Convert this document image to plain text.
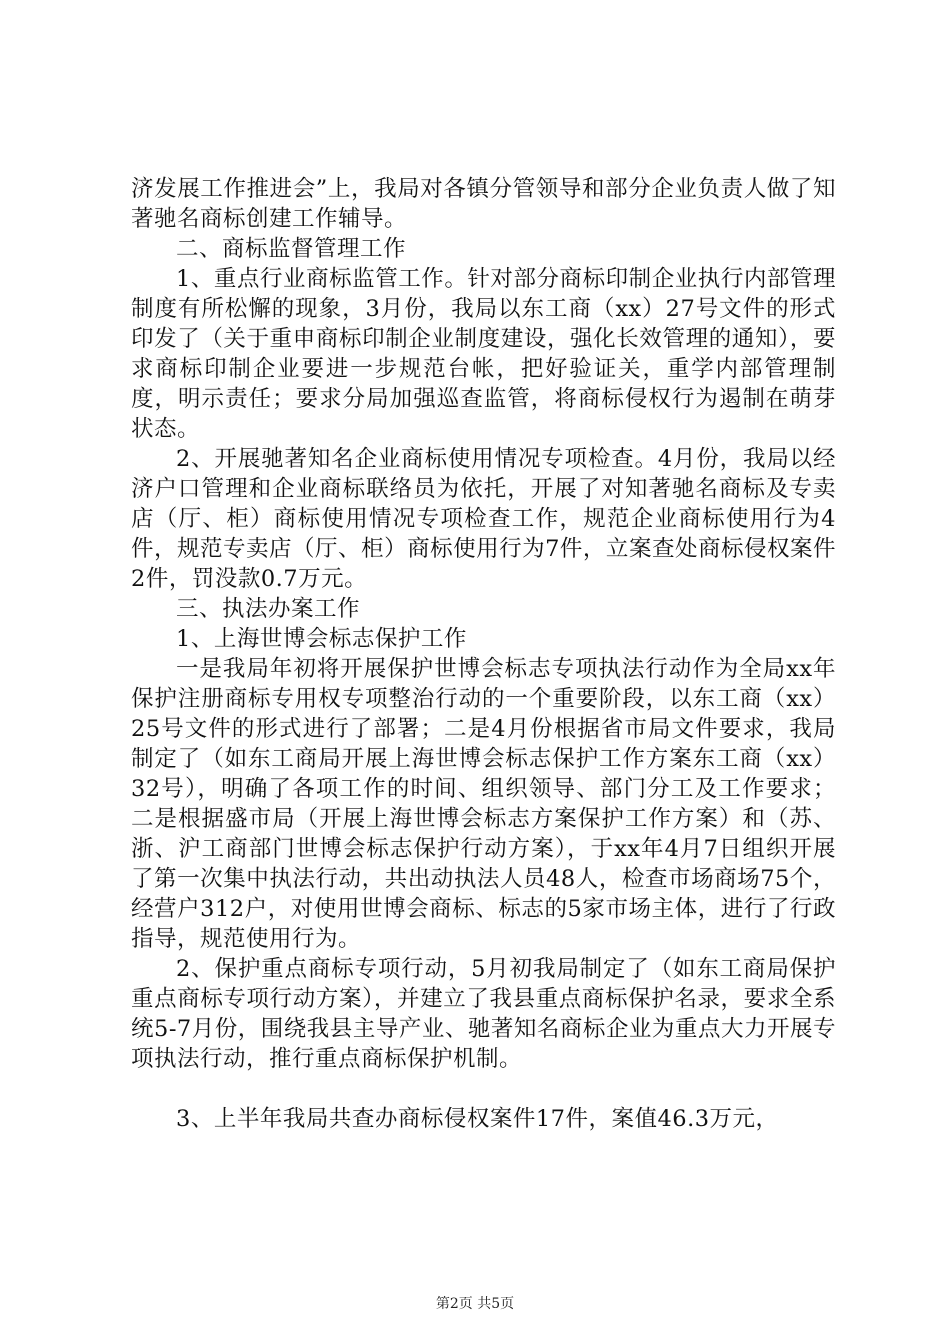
济发展工作推进会”上，我局对各镇分管领导和部分企业负责人做了知著驰名商标创建工作辅导。

二、商标监督管理工作

1、重点行业商标监管工作。针对部分商标印制企业执行内部管理制度有所松懈的现象，3月份，我局以东工商（xx）27号文件的形式印发了（关于重申商标印制企业制度建设，强化长效管理的通知），要求商标印制企业要进一步规范台帐，把好验证关，重学内部管理制度，明示责任；要求分局加强巡查监管，将商标侵权行为遏制在萌芽状态。

2、开展驰著知名企业商标使用情况专项检查。4月份，我局以经济户口管理和企业商标联络员为依托，开展了对知著驰名商标及专卖店（厅、柜）商标使用情况专项检查工作，规范企业商标使用行为4件，规范专卖店（厅、柜）商标使用行为7件，立案查处商标侵权案件2件，罚没款0.7万元。

三、执法办案工作

1、上海世博会标志保护工作

一是我局年初将开展保护世博会标志专项执法行动作为全局xx年保护注册商标专用权专项整治行动的一个重要阶段，以东工商（xx）25号文件的形式进行了部署；二是4月份根据省市局文件要求，我局制定了（如东工商局开展上海世博会标志保护工作方案东工商（xx）32号），明确了各项工作的时间、组织领导、部门分工及工作要求；二是根据盛市局（开展上海世博会标志方案保护工作方案）和（苏、浙、沪工商部门世博会标志保护行动方案），于xx年4月7日组织开展了第一次集中执法行动，共出动执法人员48人，检查市场商场75个，经营户312户，对使用世博会商标、标志的5家市场主体，进行了行政指导，规范使用行为。

2、保护重点商标专项行动，5月初我局制定了（如东工商局保护重点商标专项行动方案），并建立了我县重点商标保护名录，要求全系统5-7月份，围绕我县主导产业、驰著知名商标企业为重点大力开展专项执法行动，推行重点商标保护机制。

3、上半年我局共查办商标侵权案件17件，案值46.3万元，

第2页 共5页
